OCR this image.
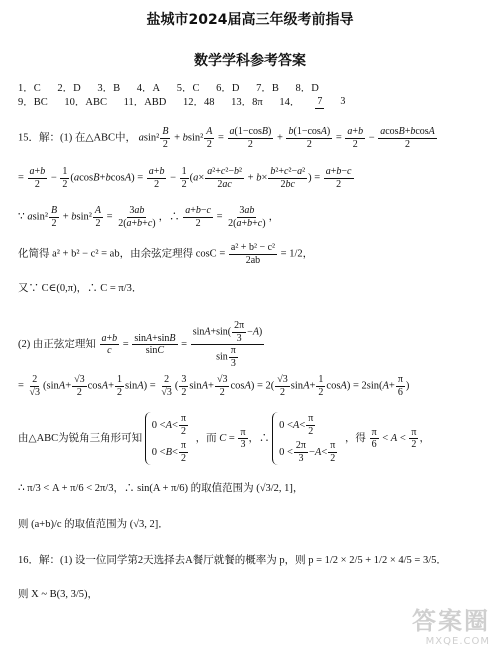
盐城市2024届高三年级考前指导
数学学科参考答案
1．C 2．D 3．B 4．A 5．C 6．D 7．B 8．D
9．BC 10．ABC 11．ABD 12．48 13．8π 14． 7 3
15．解：(1) 在△ABC中， $asin^2 \frac{B}{2} + bsin^2 \frac{A}{2} = \frac{a(1-\cos B)}{2} + \frac{b(1-\cos A)}{2} = \frac{a+b}{2} - \frac{acosB+bcosA}{2}$
= $\frac{a+b}{2} - \frac{1}{2} (acosB+bcosA) = \frac{a+b}{2} - \frac{1}{2} (a\times \frac{\text{a²+c²−b²}}{2ac} + b\times \frac{\text{b²+c²−a²}}{2bc}$ ) = $\frac{a+b-c}{2}$
∵ $asin^2 \frac{B}{2} + bsin^2 \frac{A}{2} = \frac{3ab}{2(a+b+c)}$ ，∴ $\frac{a+b-c}{2} = \frac{3ab}{2(a+b+c)}$ ，
化简得 a² + b² − c² = ab，由余弦定理得 $\cos C = \frac{\text{a² + b² − c²}}{2ab} = 1/2$，
又∵ C∈(0,π)，∴ C = π/3．
(2) 由正弦定理知 $\frac{a+b}{c} = \frac{\sin A+\sin B}{\sin C} = \frac{\sin A+\sin( \frac{2\pi}{3} -A)}{\sin \frac{\pi}{3}}$
= $\frac{2}{√3} (\sin A+ \frac{√3}{2} \cos A+ \frac{1}{2} \sin A) = \frac{2}{√3}$ ( $\frac{3}{2} \sin A+ \frac{√3}{2} \cos A) = 2( \frac{√3}{2} \sin A+ \frac{1}{2} \cos A) = 2\sin(A+ \frac{\pi}{6}$ )
由△ABC为锐角三角形可知
$0 < A < \frac{\pi}{2}$
$0 < B < \frac{\pi}{2}$
，而 $C = \frac{\pi}{3}$ ，∴
$0 < A < \frac{\pi}{2}$
$0 < \frac{2\pi}{3} - A < \frac{\pi}{2}$
，得 $\frac{\pi}{6} < A < \frac{\pi}{2}$ ，
∴ π/3 < A + π/6 < 2π/3，∴ sin(A + π/6) 的取值范围为 (√3/2, 1]，
则 (a+b)/c 的取值范围为 (√3, 2]．
16．解：(1) 设一位同学第2天选择去A餐厅就餐的概率为 p，则 p = 1/2 × 2/5 + 1/2 × 4/5 = 3/5．
则 X ~ B(3, 3/5)，
答案圈
MXQE.COM
